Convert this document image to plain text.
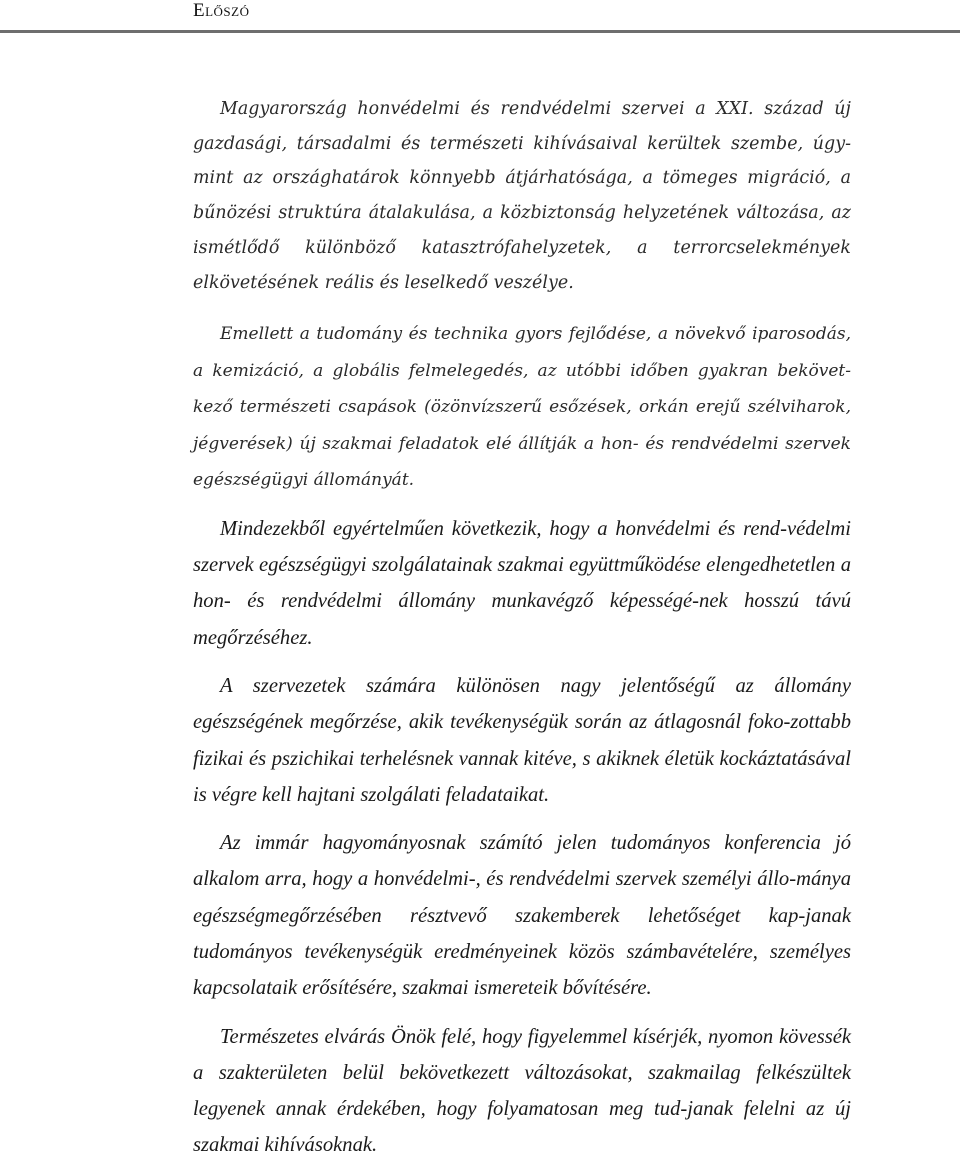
Előszó

Magyarország honvédelmi és rendvédelmi szervei a XXI. század új gazdasági, társadalmi és természeti kihívásaival kerültek szembe, úgy-mint az országhatárok könnyebb átjárhatósága, a tömeges migráció, a bűnözési struktúra átalakulása, a közbiztonság helyzetének változása, az ismétlődő különböző katasztrófahelyzetek, a terrorcselekmények elkövetésének reális és leselkedő veszélye.

Emellett a tudomány és technika gyors fejlődése, a növekvő iparosodás, a kemizáció, a globális felmelegedés, az utóbbi időben gyakran bekövet-kező természeti csapások (özönvízszerű esőzések, orkán erejű szélviharok, jégverések) új szakmai feladatok elé állítják a hon- és rendvédelmi szervek egészségügyi állományát.

Mindezekből egyértelműen következik, hogy a honvédelmi és rend-védelmi szervek egészségügyi szolgálatainak szakmai együttműködése elengedhetetlen a hon- és rendvédelmi állomány munkavégző képességé-nek hosszú távú megőrzéséhez.

A szervezetek számára különösen nagy jelentőségű az állomány egészségének megőrzése, akik tevékenységük során az átlagosnál foko-zottabb fizikai és pszichikai terhelésnek vannak kitéve, s akiknek életük kockáztatásával is végre kell hajtani szolgálati feladataikat.

Az immár hagyományosnak számító jelen tudományos konferencia jó alkalom arra, hogy a honvédelmi-, és rendvédelmi szervek személyi állo-mánya egészségmegőrzésében résztvevő szakemberek lehetőséget kap-janak tudományos tevékenységük eredményeinek közös számbavételére, személyes kapcsolataik erősítésére, szakmai ismereteik bővítésére.

Természetes elvárás Önök felé, hogy figyelemmel kísérjék, nyomon kövessék a szakterületen belül bekövetkezett változásokat, szakmailag felkészültek legyenek annak érdekében, hogy folyamatosan meg tud-janak felelni az új szakmai kihívásoknak.
